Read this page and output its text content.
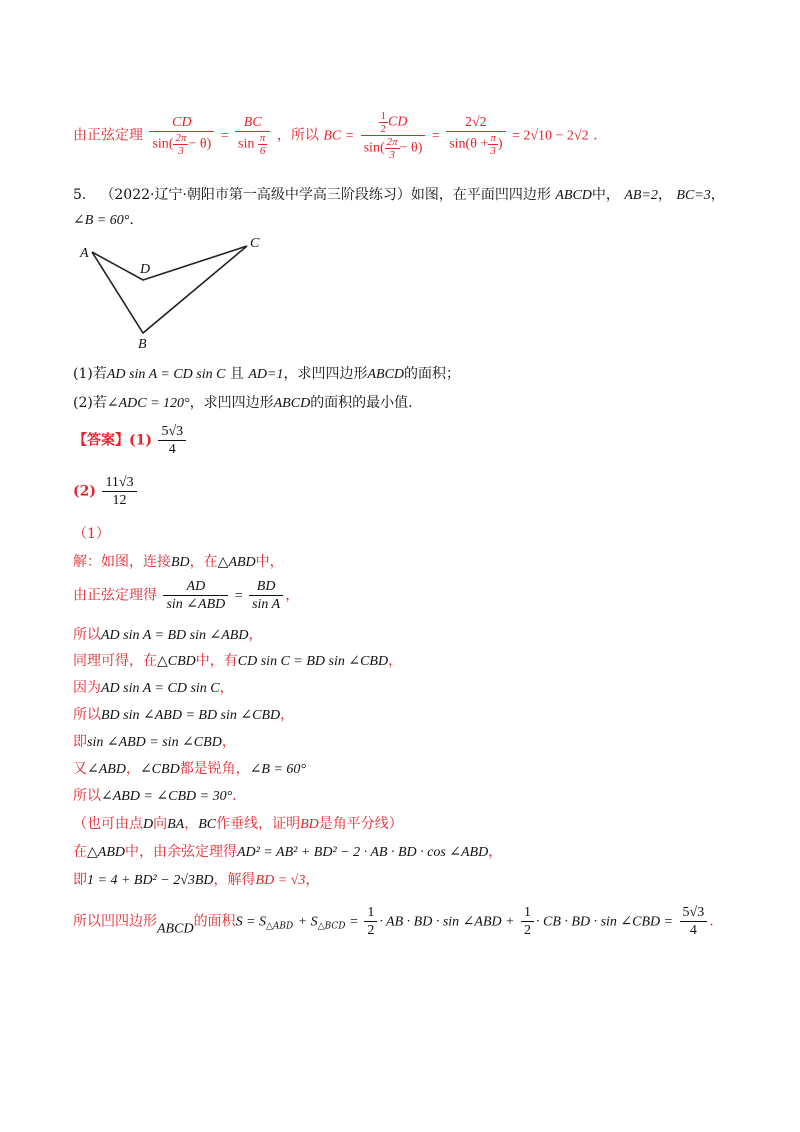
由正弦定理 $\frac{CD}{\sin( \frac{2\pi}{3} - \theta)} = \frac{BC}{\sin \frac{\pi}{6}}$ ，所以 BC = $\frac{\frac{1}{2} CD}{\sin( \frac{2\pi}{3} - \theta)} = \frac{2√2}{\sin(\theta + \frac{\pi}{3} )} = 2√10 - 2√2$ .
5． （2022·辽宁·朝阳市第一高级中学高三阶段练习）如图，在平面凹四边形 ABCD中， AB=2， BC=3，
∠B = 60°.
A
D
C
B
(1)若AD sin A = CD sin C 且 AD=1，求凹四边形ABCD的面积；
(2)若∠ADC = 120°，求凹四边形ABCD的面积的最小值.
【答案】$(1) \frac{5√3}{4}$
$(2) \frac{11√3}{12}$
（1）
解：如图，连接BD，在△ABD中，
由正弦定理得 $\frac{AD}{\text{sin ∠ABD}} = \frac{BD}{\text{sin A}}$ ，
所以AD sin A = BD sin ∠ABD，
同理可得，在△CBD中，有CD sin C = BD sin ∠CBD，
因为AD sin A = CD sin C，
所以BD sin ∠ABD = BD sin ∠CBD，
即sin ∠ABD = sin ∠CBD，
又∠ABD，∠CBD都是锐角，∠B = 60°
所以∠ABD = ∠CBD = 30°.
（也可由点D向BA，BC作垂线，证明BD是角平分线）
在△ABD中，由余弦定理得AD² = AB² + BD² − 2 · AB · BD · cos ∠ABD，
即1 = 4 + BD² − 2√3BD，解得BD = √3，
所以凹四边形ABCD的面积$S = S_{\triangle ABD} + S_{\triangle BCD} = \frac{1}{2}$ · AB · BD · sin ∠ABD + $\frac{1}{2}$ · CB · BD · sin ∠CBD = $\frac{5√3}{4}$ .
